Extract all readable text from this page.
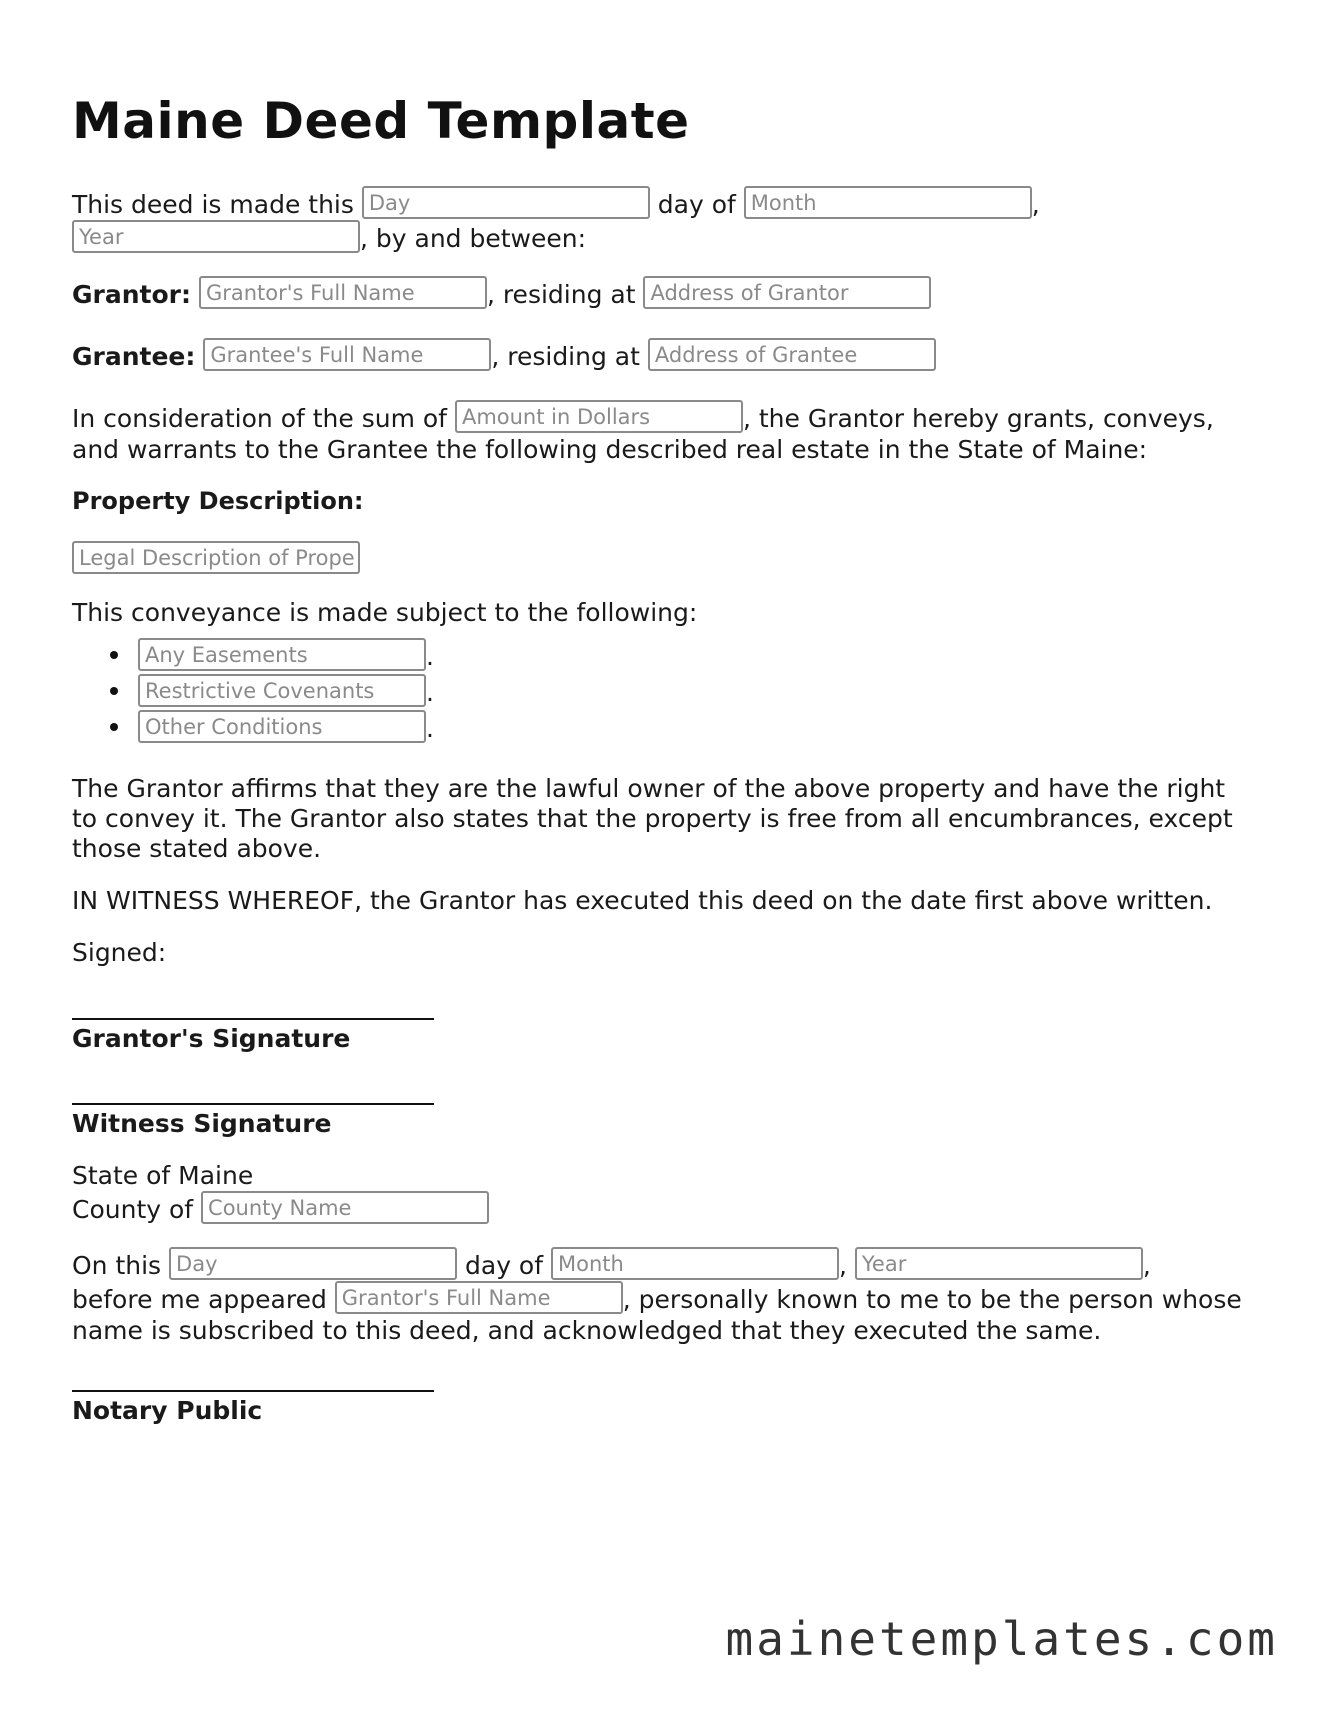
Maine Deed Template

This deed is made this Day	day of Month	, Year	, by and between:

Grantor: Grantor's Full Name	, residing at Address of Grantor
Grantee: Grantee's Full Name	, residing at Address of Grantee

In consideration of the sum of Amount in Dollars	, the Grantor hereby grants, conveys, and warrants to the Grantee the following described real estate in the State of Maine:

Property Description:

Legal Description of Prope

This conveyance is made subject to the following:

Any Easements	.
Restrictive Covenants .
Other Conditions	.

The Grantor affirms that they are the lawful owner of the above property and have the right to convey it. The Grantor also states that the property is free from all encumbrances, except those stated above.

IN WITNESS WHEREOF, the Grantor has executed this deed on the date first above written.

Signed:

Grantor's Signature
Witness Signature

State of Maine

County of County Name

On this Day	day of Month	, Year	,
before me appeared Grantor's Full Name	, personally known to me to be the person whose name is subscribed to this deed, and acknowledged that they executed the same.

Notary Public
mainetemplates.com
